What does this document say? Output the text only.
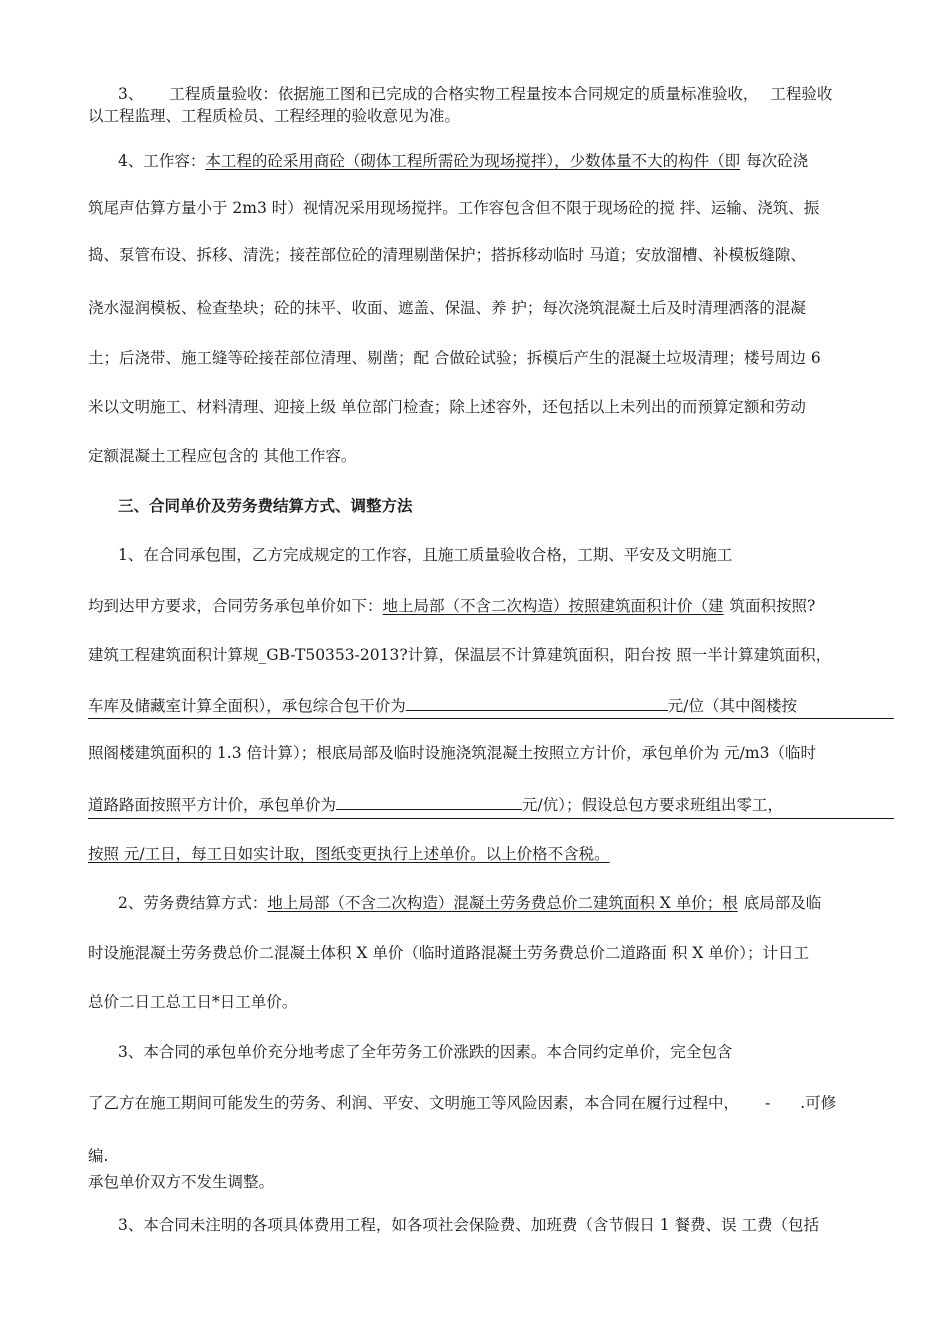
3、 工程质量验收：依据施工图和已完成的合格实物工程量按本合同规定的质量标准验收， 工程验收
以工程监理、工程质检员、工程经理的验收意见为准。
4、工作容：本工程的砼采用商砼（砌体工程所需砼为现场搅拌），少数体量不大的构件（即 每次砼浇
筑尾声估算方量小于 2m3 时）视情况采用现场搅拌。工作容包含但不限于现场砼的搅 拌、运输、浇筑、振
捣、泵管布设、拆移、清洗；接茬部位砼的清理剔凿保护；搭拆移动临时 马道；安放溜槽、补模板缝隙、
浇水湿润模板、检查垫块；砼的抹平、收面、遮盖、保温、养 护；每次浇筑混凝土后及时清理洒落的混凝
土；后浇带、施工缝等砼接茬部位清理、剔凿；配 合做砼试验；拆模后产生的混凝土垃圾清理；楼号周边 6
米以文明施工、材料清理、迎接上级 单位部门检查；除上述容外，还包括以上未列出的而预算定额和劳动
定额混凝土工程应包含的 其他工作容。
三、合同单价及劳务费结算方式、调整方法
1、在合同承包围，乙方完成规定的工作容，且施工质量验收合格，工期、平安及文明施工
均到达甲方要求，合同劳务承包单价如下：地上局部（不含二次构造）按照建筑面积计价（建 筑面积按照?
建筑工程建筑面积计算规_GB-T50353-2013?计算，保温层不计算建筑面积，阳台按 照一半计算建筑面积，
车库及储藏室计算全面积），承包综合包干价为	元/位（其中阁楼按
照阁楼建筑面积的 1.3 倍计算）；根底局部及临时设施浇筑混凝土按照立方计价，承包单价为 元/m3（临时
道路路面按照平方计价，承包单价为	元/伉）；假设总包方要求班组出零工，
按照 元/工日，每工日如实计取，图纸变更执行上述单价。以上价格不含税。
2、劳务费结算方式：地上局部（不含二次构造）混凝土劳务费总价二建筑面积 X 单价；根 底局部及临
时设施混凝土劳务费总价二混凝土体积 X 单价（临时道路混凝土劳务费总价二道路面 积 X 单价）；计日工
总价二日工总工日*日工单价。
3、本合同的承包单价充分地考虑了全年劳务工价涨跌的因素。本合同约定单价，完全包含
了乙方在施工期间可能发生的劳务、利润、平安、文明施工等风险因素，本合同在履行过程中， - .可修
编.
承包单价双方不发生调整。
3、本合同未注明的各项具体费用工程，如各项社会保险费、加班费（含节假日 1 餐费、误 工费（包括
